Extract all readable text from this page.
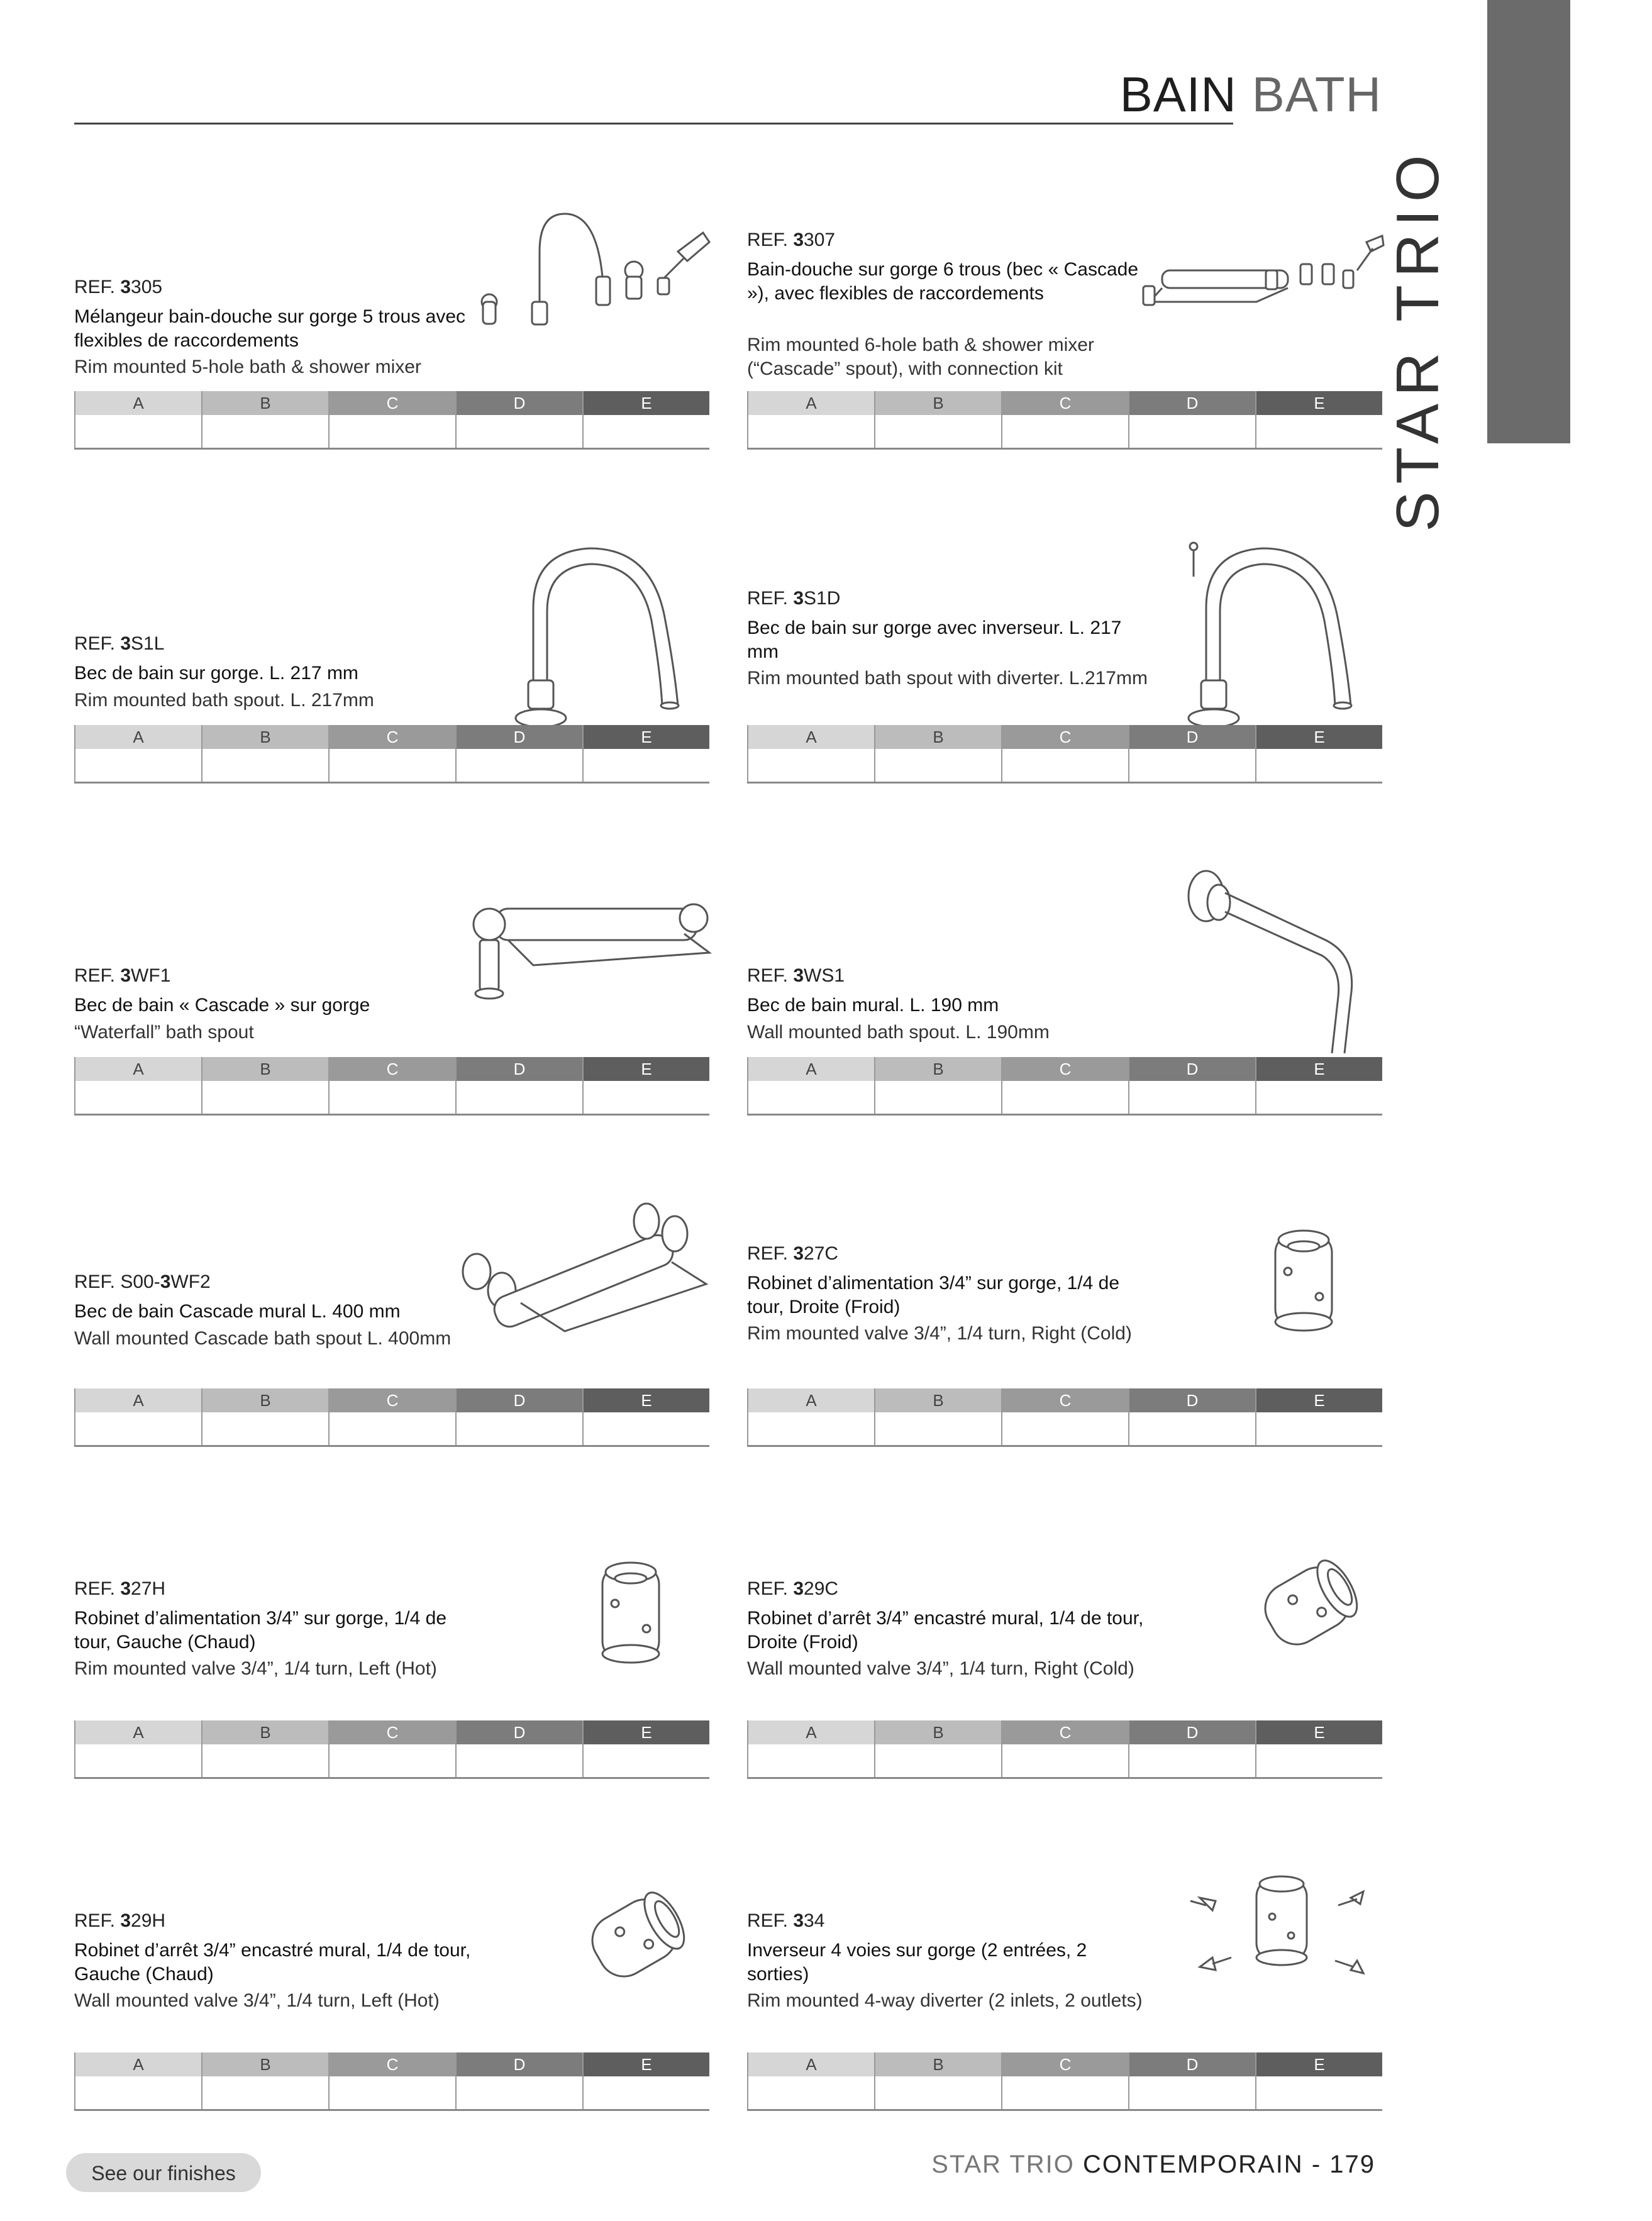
BAIN BATH	CONTEMPORAIN
STAR TRIO
REF. 3305
Mélangeur bain-douche sur gorge 5 trous avec flexibles de raccordements
Rim mounted 5-hole bath & shower mixer
A	B	C	D	E
REF. 3307
Bain-douche sur gorge 6 trous (bec « Cascade »), avec flexibles de raccordements
Rim mounted 6-hole bath & shower mixer (“Cascade” spout), with connection kit
A	B	C	D	E
REF. 3S1L
Bec de bain sur gorge. L. 217 mm
Rim mounted bath spout. L. 217mm
A	B	C	D	E
REF. 3S1D
Bec de bain sur gorge avec inverseur. L. 217 mm
Rim mounted bath spout with diverter. L.217mm
A	B	C	D	E
REF. 3WF1
Bec de bain « Cascade » sur gorge
“Waterfall” bath spout
A	B	C	D	E
REF. 3WS1
Bec de bain mural. L. 190 mm
Wall mounted bath spout. L. 190mm
A	B	C	D	E
REF. S00-3WF2
Bec de bain Cascade mural L. 400 mm
Wall mounted Cascade bath spout L. 400mm
A	B	C	D	E
REF. 327C
Robinet d’alimentation 3/4” sur gorge, 1/4 de tour, Droite (Froid)
Rim mounted valve 3/4”, 1/4 turn, Right (Cold)
A	B	C	D	E
REF. 327H
Robinet d’alimentation 3/4” sur gorge, 1/4 de tour, Gauche (Chaud)
Rim mounted valve 3/4”, 1/4 turn, Left (Hot)
A	B	C	D	E
REF. 329C
Robinet d’arrêt 3/4” encastré mural, 1/4 de tour, Droite (Froid)
Wall mounted valve 3/4”, 1/4 turn, Right (Cold)
A	B	C	D	E
REF. 329H
Robinet d’arrêt 3/4” encastré mural, 1/4 de tour, Gauche (Chaud)
Wall mounted valve 3/4”, 1/4 turn, Left (Hot)
A	B	C	D	E
REF. 334
Inverseur 4 voies sur gorge (2 entrées, 2 sorties)
Rim mounted 4-way diverter (2 inlets, 2 outlets)
A	B	C	D	E
See our finishes	STAR TRIO CONTEMPORAIN - 179
